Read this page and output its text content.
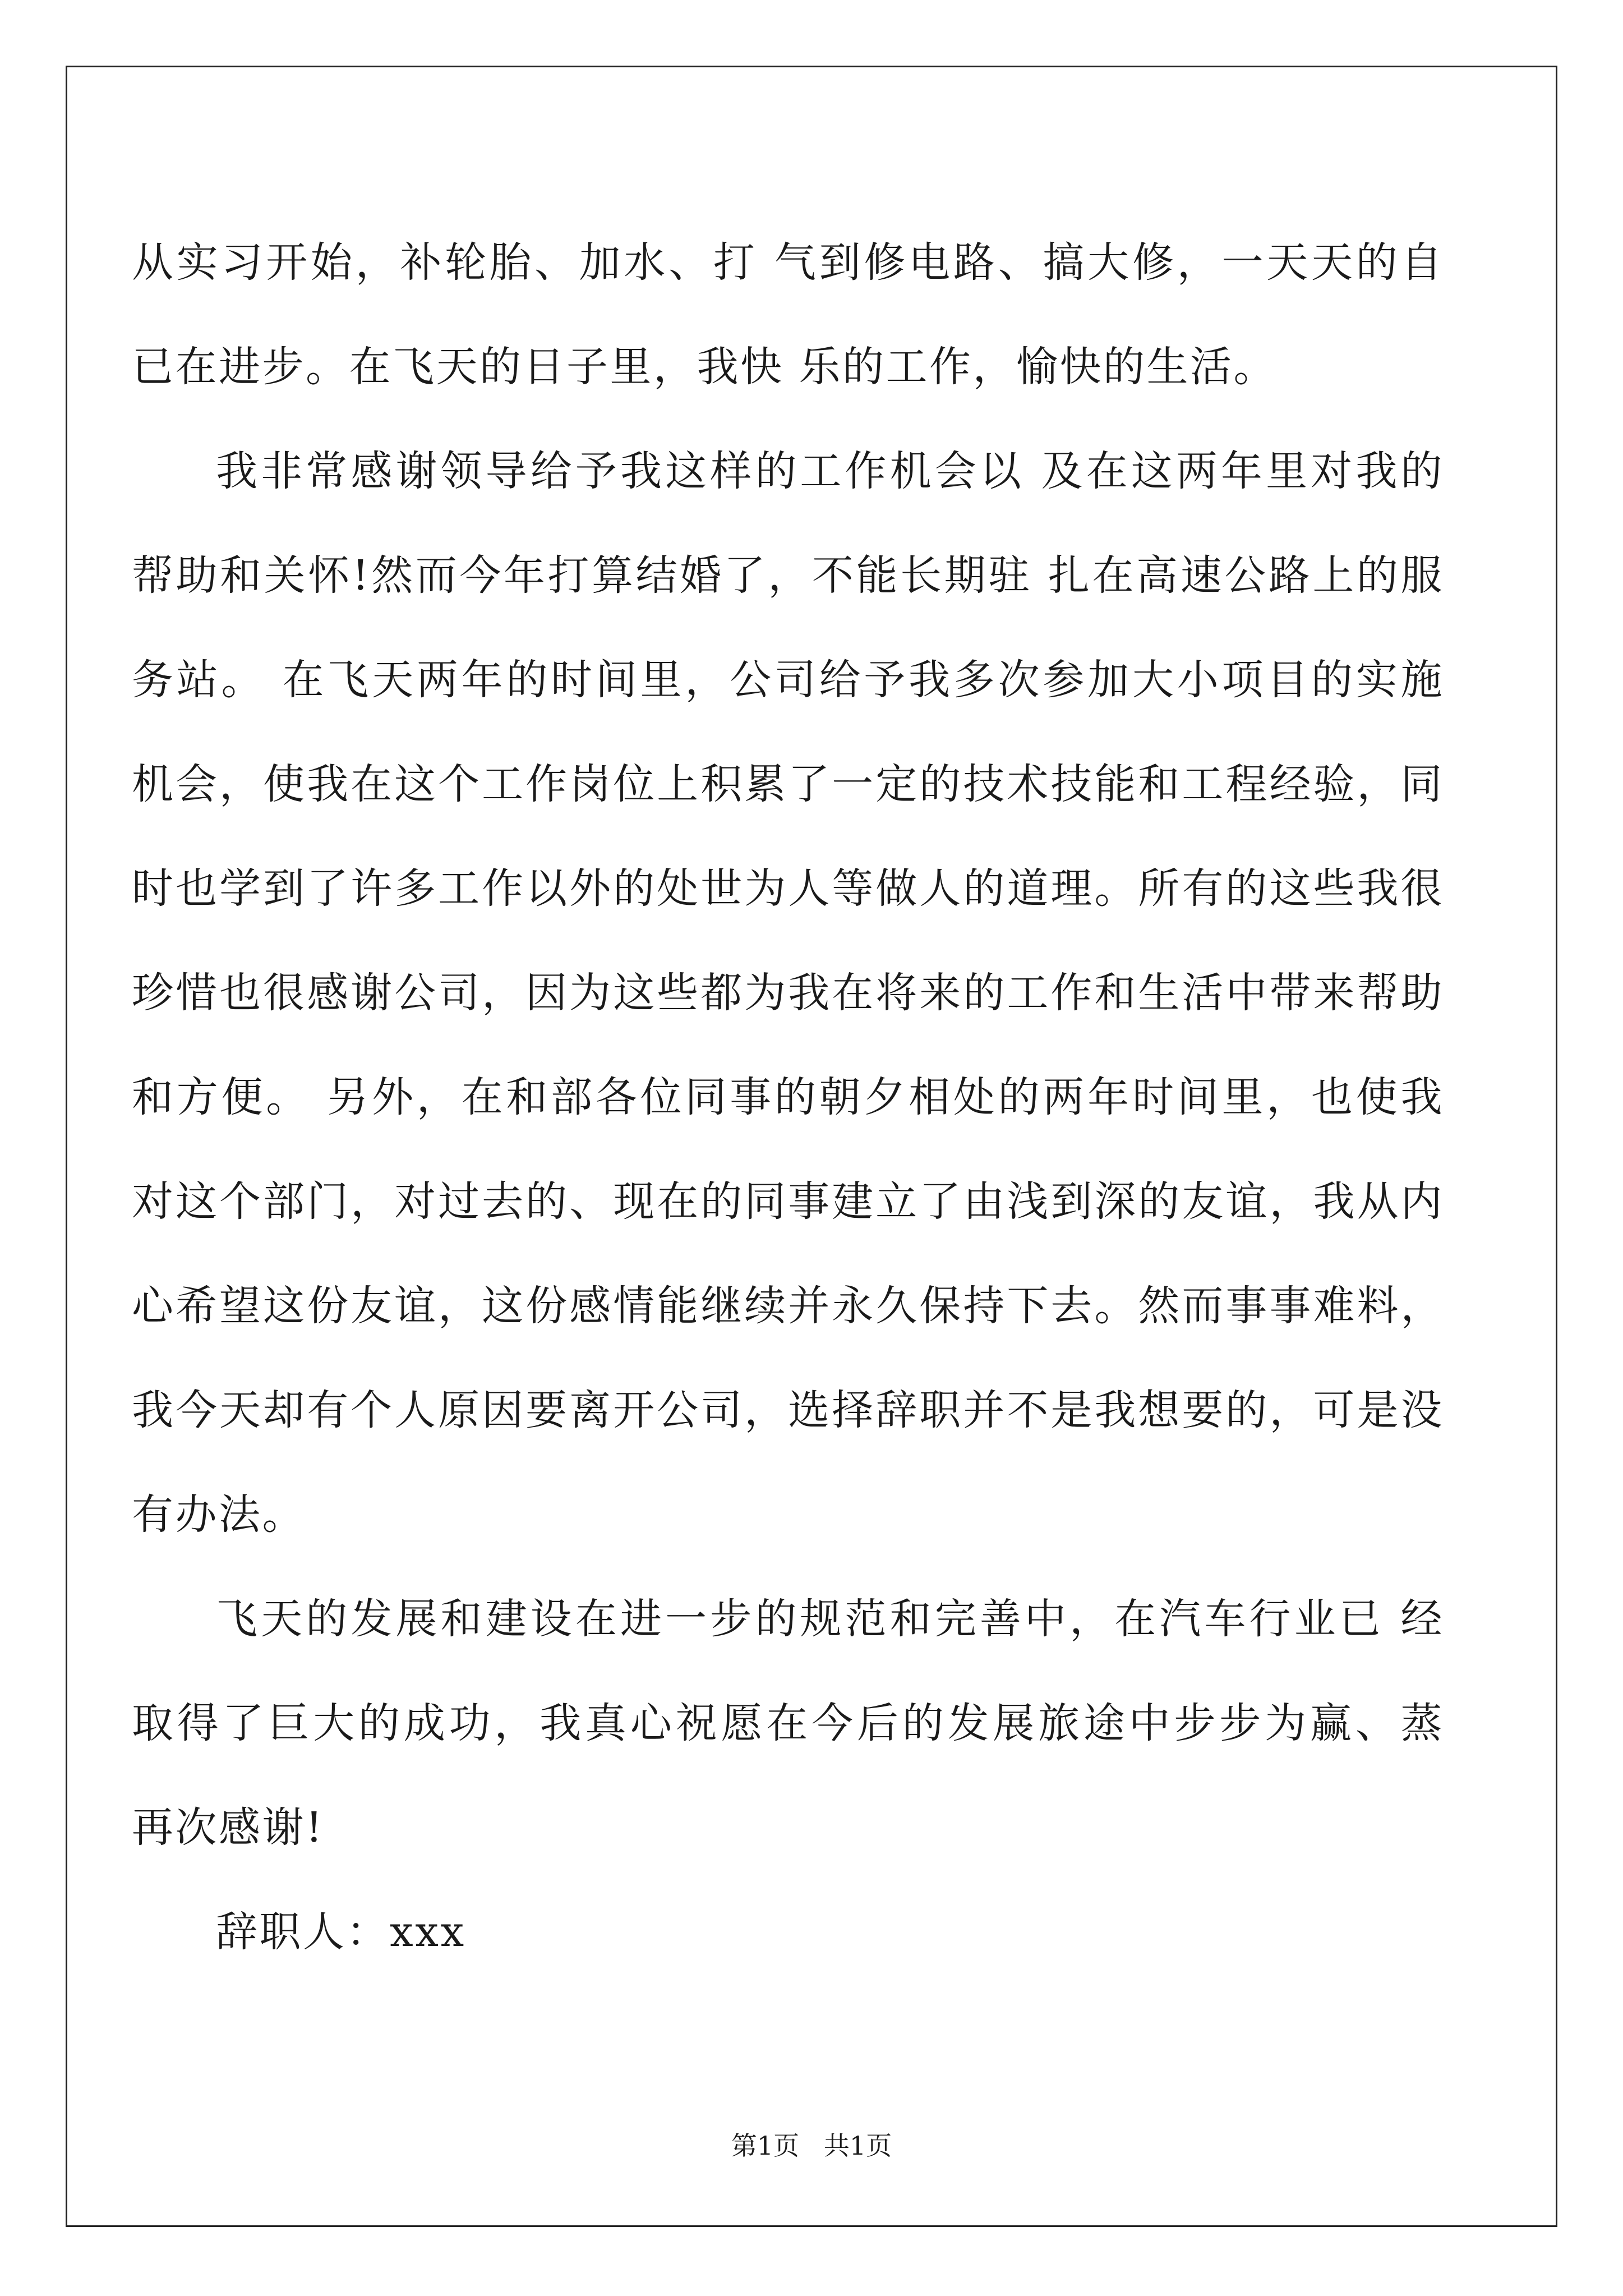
从实习开始，补轮胎、加水、打 气到修电路、搞大修，一天天的自已在进步。在飞天的日子里，我快 乐的工作，愉快的生活。

我非常感谢领导给予我这样的工作机会以 及在这两年里对我的帮助和关怀!然而今年打算结婚了，不能长期驻 扎在高速公路上的服务站。 在飞天两年的时间里，公司给予我多次参加大小项目的实施机会，使我在这个工作岗位上积累了一定的技术技能和工程经验，同时也学到了许多工作以外的处世为人等做人的道理。所有的这些我很珍惜也很感谢公司，因为这些都为我在将来的工作和生活中带来帮助和方便。 另外，在和部各位同事的朝夕相处的两年时间里，也使我对这个部门，对过去的、现在的同事建立了由浅到深的友谊，我从内心希望这份友谊，这份感情能继续并永久保持下去。然而事事难料，我今天却有个人原因要离开公司，选择辞职并不是我想要的，可是没有办法。

飞天的发展和建设在进一步的规范和完善中，在汽车行业已 经取得了巨大的成功，我真心祝愿在今后的发展旅途中步步为赢、蒸 再次感谢!

辞职人：xxx

第1页   共1页
